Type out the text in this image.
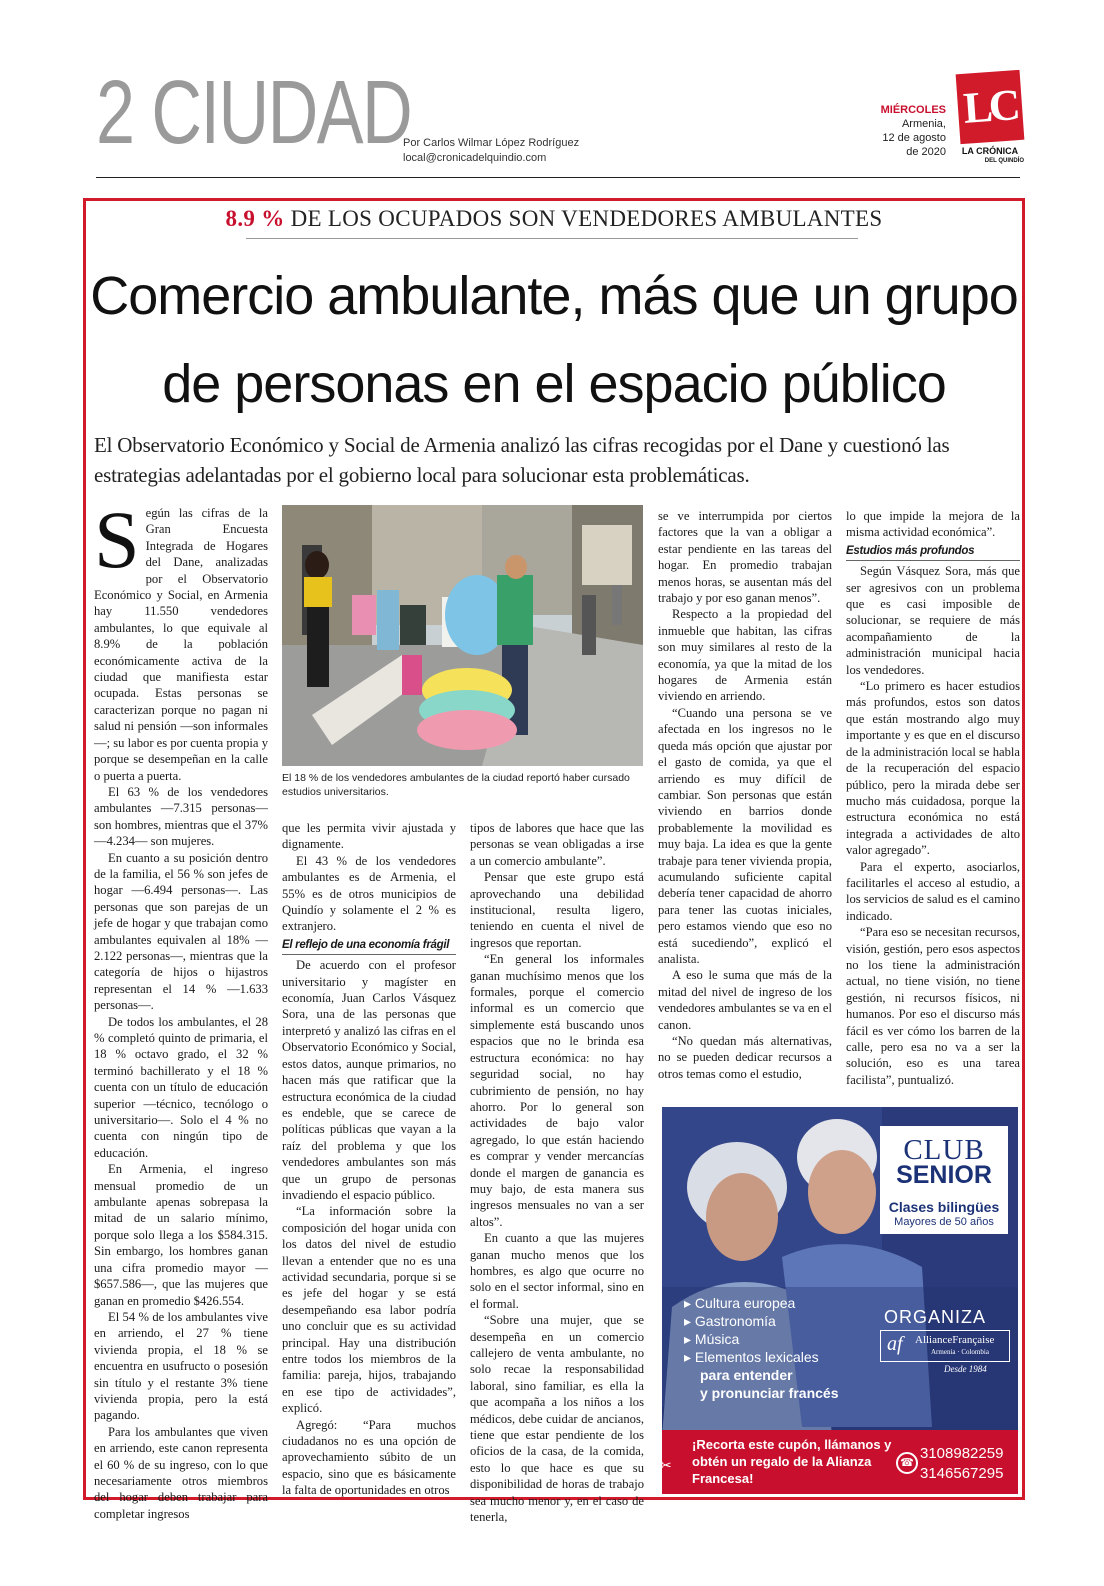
2 CIUDAD
Por Carlos Wilmar López Rodríguez
local@cronicadelquindio.com
MIÉRCOLES
Armenia,
12 de agosto
de 2020
LC
LA CRÓNICA
DEL QUINDÍO
8.9 % DE LOS OCUPADOS SON VENDEDORES AMBULANTES
Comercio ambulante, más que un grupo
de personas en el espacio público
El Observatorio Económico y Social de Armenia analizó las cifras recogidas por el Dane y cuestionó las estrategias adelantadas por el gobierno local para solucionar esta problemáticas.
S egún las cifras de la Gran Encuesta Integrada de Hogares del Dane, analizadas por el Observatorio Económico y Social, en Armenia hay 11.550 vendedores ambulantes, lo que equivale al 8.9% de la población económicamente activa de la ciudad que manifiesta estar ocupada. Estas personas se caracterizan porque no pagan ni salud ni pensión —son informales—; su labor es por cuenta propia y porque se desempeñan en la calle o puerta a puerta.

El 63 % de los vendedores ambulantes —7.315 personas— son hombres, mientras que el 37%—4.234— son mujeres.

En cuanto a su posición dentro de la familia, el 56 % son jefes de hogar —6.494 personas—. Las personas que son parejas de un jefe de hogar y que trabajan como ambulantes equivalen al 18% —2.122 personas—, mientras que la categoría de hijos o hijastros representan el 14 % —1.633 personas—.

De todos los ambulantes, el 28 % completó quinto de primaria, el 18 % octavo grado, el 32 % terminó bachillerato y el 18 % cuenta con un título de educación superior —técnico, tecnólogo o universitario—. Solo el 4 % no cuenta con ningún tipo de educación.

En Armenia, el ingreso mensual promedio de un ambulante apenas sobrepasa la mitad de un salario mínimo, porque solo llega a los $584.315. Sin embargo, los hombres ganan una cifra promedio mayor —$657.586—, que las mujeres que ganan en promedio $426.554.

El 54 % de los ambulantes vive en arriendo, el 27 % tiene vivienda propia, el 18 % se encuentra en usufructo o posesión sin título y el restante 3% tiene vivienda propia, pero la está pagando.

Para los ambulantes que viven en arriendo, este canon representa el 60 % de su ingreso, con lo que necesariamente otros miembros del hogar deben trabajar para completar ingresos

El 18 % de los vendedores ambulantes de la ciudad reportó haber cursado estudios universitarios.

que les permita vivir ajustada y dignamente.

El 43 % de los vendedores ambulantes es de Armenia, el 55% es de otros municipios de Quindío y solamente el 2 % es extranjero.

El reflejo de una economía frágil

De acuerdo con el profesor universitario y magíster en economía, Juan Carlos Vásquez Sora, una de las personas que interpretó y analizó las cifras en el Observatorio Económico y Social, estos datos, aunque primarios, no hacen más que ratificar que la estructura económica de la ciudad es endeble, que se carece de políticas públicas que vayan a la raíz del problema y que los vendedores ambulantes son más que un grupo de personas invadiendo el espacio público.

“La información sobre la composición del hogar unida con los datos del nivel de estudio llevan a entender que no es una actividad secundaria, porque si se es jefe del hogar y se está desempeñando esa labor podría uno concluir que es su actividad principal. Hay una distribución entre todos los miembros de la familia: pareja, hijos, trabajando en ese tipo de actividades”, explicó.

Agregó: “Para muchos ciudadanos no es una opción de aprovechamiento súbito de un espacio, sino que es básicamente la falta de oportunidades en otros

tipos de labores que hace que las personas se vean obligadas a irse a un comercio ambulante”.

Pensar que este grupo está aprovechando una debilidad institucional, resulta ligero, teniendo en cuenta el nivel de ingresos que reportan.

“En general los informales ganan muchísimo menos que los formales, porque el comercio informal es un comercio que simplemente está buscando unos espacios que no le brinda esa estructura económica: no hay seguridad social, no hay cubrimiento de pensión, no hay ahorro. Por lo general son actividades de bajo valor agregado, lo que están haciendo es comprar y vender mercancías donde el margen de ganancia es muy bajo, de esta manera sus ingresos mensuales no van a ser altos”.

En cuanto a que las mujeres ganan mucho menos que los hombres, es algo que ocurre no solo en el sector informal, sino en el formal.

“Sobre una mujer, que se desempeña en un comercio callejero de venta ambulante, no solo recae la responsabilidad laboral, sino familiar, es ella la que acompaña a los niños a los médicos, debe cuidar de ancianos, tiene que estar pendiente de los oficios de la casa, de la comida, esto lo que hace es que su disponibilidad de horas de trabajo sea mucho menor y, en el caso de tenerla,

se ve interrumpida por ciertos factores que la van a obligar a estar pendiente en las tareas del hogar. En promedio trabajan menos horas, se ausentan más del trabajo y por eso ganan menos”.

Respecto a la propiedad del inmueble que habitan, las cifras son muy similares al resto de la economía, ya que la mitad de los hogares de Armenia están viviendo en arriendo.

“Cuando una persona se ve afectada en los ingresos no le queda más opción que ajustar por el gasto de comida, ya que el arriendo es muy difícil de cambiar. Son personas que están viviendo en barrios donde probablemente la movilidad es muy baja. La idea es que la gente trabaje para tener vivienda propia, acumulando suficiente capital debería tener capacidad de ahorro para tener las cuotas iniciales, pero estamos viendo que eso no está sucediendo”, explicó el analista.

A eso le suma que más de la mitad del nivel de ingreso de los vendedores ambulantes se va en el canon.

“No quedan más alternativas, no se pueden dedicar recursos a otros temas como el estudio,

lo que impide la mejora de la misma actividad económica”.

Estudios más profundos

Según Vásquez Sora, más que ser agresivos con un problema que es casi imposible de solucionar, se requiere de más acompañamiento de la administración municipal hacia los vendedores.

“Lo primero es hacer estudios más profundos, estos son datos que están mostrando algo muy importante y es que en el discurso de la administración local se habla de la recuperación del espacio público, pero la mirada debe ser mucho más cuidadosa, porque la estructura económica no está integrada a actividades de alto valor agregado”.

Para el experto, asociarlos, facilitarles el acceso al estudio, a los servicios de salud es el camino indicado.

“Para eso se necesitan recursos, visión, gestión, pero esos aspectos no los tiene la administración actual, no tiene visión, no tiene gestión, ni recursos físicos, ni humanos. Por eso el discurso más fácil es ver cómo los barren de la calle, pero esa no va a ser la solución, eso es una tarea facilista”, puntualizó.

CLUB
SENIOR
Clases bilingües
Mayores de 50 años
▸ Cultura europea
▸ Gastronomía
▸ Música
▸ Elementos lexicales
para entender
y pronunciar francés
ORGANIZA
af AllianceFrançaise
Armenia · Colombia
Desde 1984
✂
¡Recorta este cupón, llámanos y obtén un regalo de la Alianza Francesa!
☎
3108982259
3146567295
